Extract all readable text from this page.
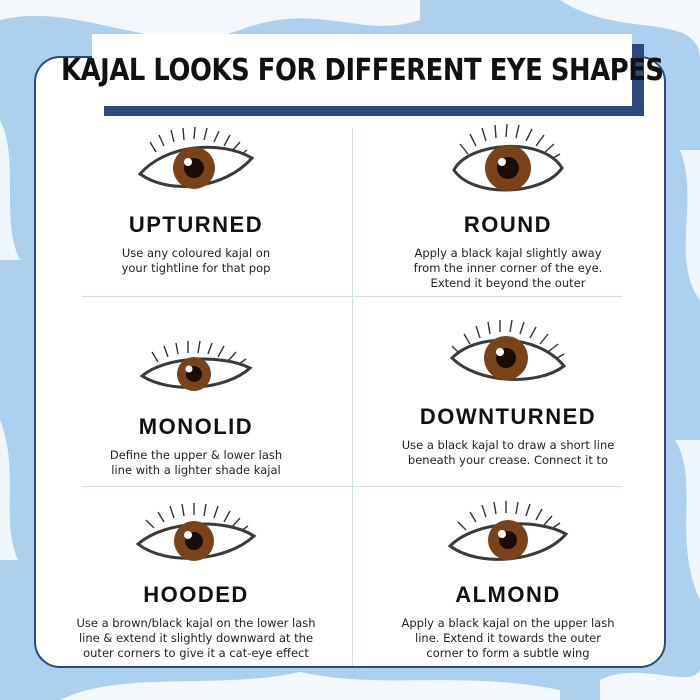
UPTURNED
Use any coloured kajal on
your tightline for that pop
ROUND
Apply a black kajal slightly away
from the inner corner of the eye.
Extend it beyond the outer
MONOLID
Define the upper & lower lash
line with a lighter shade kajal
DOWNTURNED
Use a black kajal to draw a short line
beneath your crease. Connect it to
HOODED
Use a brown/black kajal on the lower lash
line & extend it slightly downward at the
outer corners to give it a cat-eye effect
ALMOND
Apply a black kajal on the upper lash
line. Extend it towards the outer
corner to form a subtle wing
KAJAL LOOKS FOR DIFFERENT EYE SHAPES
